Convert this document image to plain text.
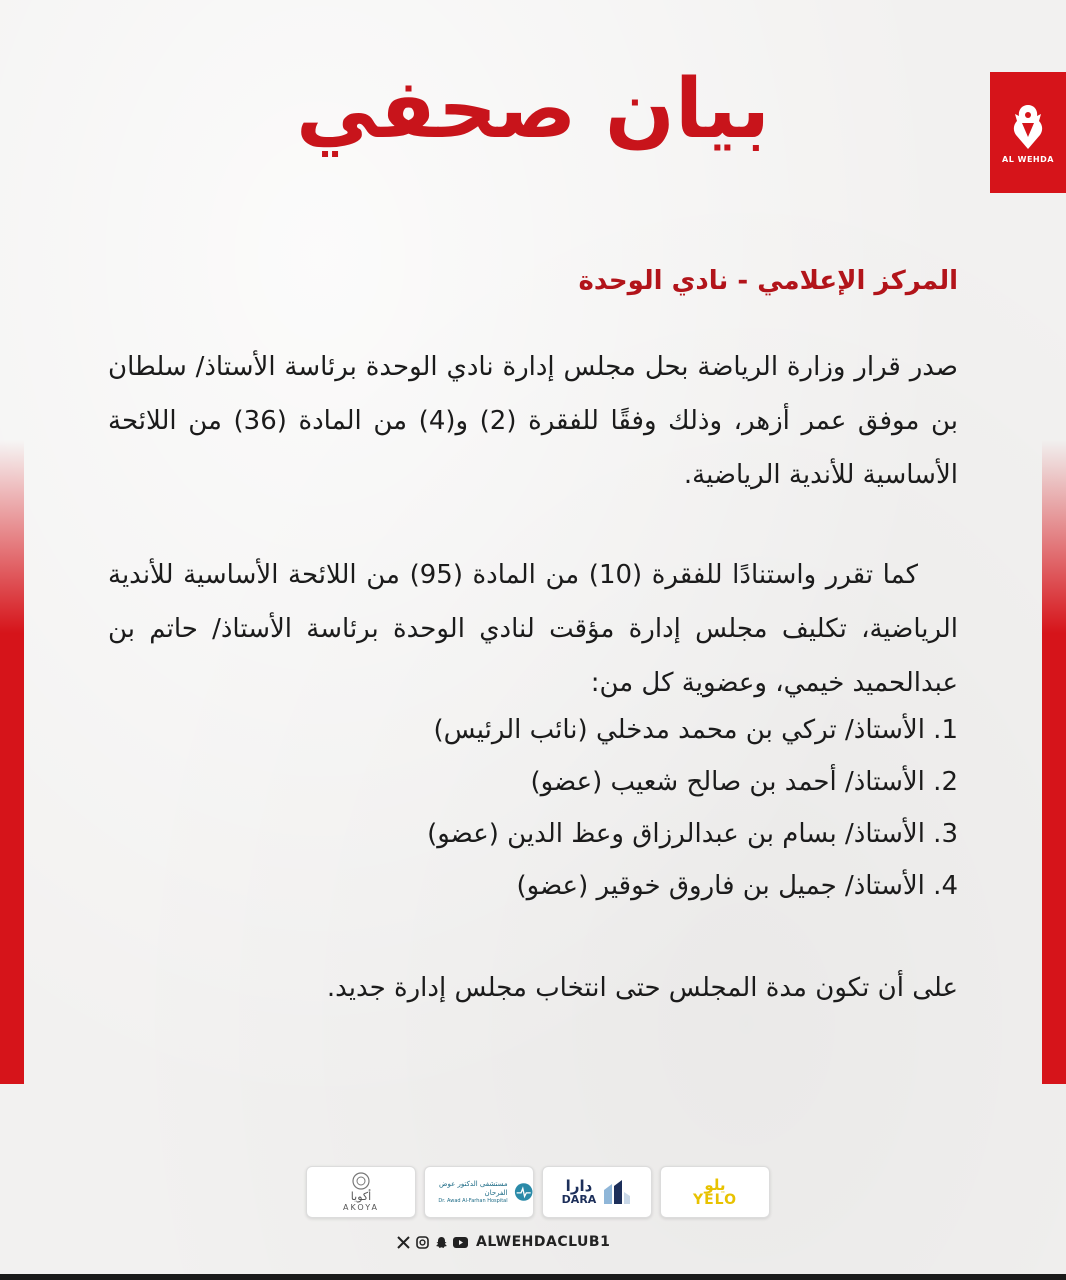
AL WEHDA
بيان صحفي
المركز الإعلامي - نادي الوحدة
صدر قرار وزارة الرياضة بحل مجلس إدارة نادي الوحدة برئاسة الأستاذ/ سلطان بن موفق عمر أزهر، وذلك وفقًا للفقرة (2) و(4) من المادة (36) من اللائحة الأساسية للأندية الرياضية.
كما تقرر واستنادًا للفقرة (10) من المادة (95) من اللائحة الأساسية للأندية الرياضية، تكليف مجلس إدارة مؤقت لنادي الوحدة برئاسة الأستاذ/ حاتم بن عبدالحميد خيمي، وعضوية كل من:
1. الأستاذ/ تركي بن محمد مدخلي (نائب الرئيس)
2. الأستاذ/ أحمد بن صالح شعيب (عضو)
3. الأستاذ/ بسام بن عبدالرزاق وعظ الدين (عضو)
4. الأستاذ/ جميل بن فاروق خوقير (عضو)
على أن تكون مدة المجلس حتى انتخاب مجلس إدارة جديد.
أكويا
AKOYA
مستشفى الدكتور عوض الفرحان
Dr. Awad Al-Farhan Hospital
دارا
DARA
يلو
YELO
ALWEHDACLUB1
